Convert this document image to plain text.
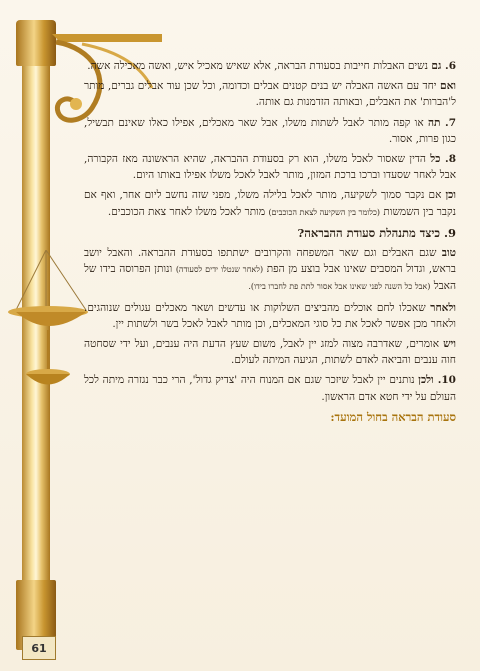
61

6. גם נשים האבלות חייבות בסעודת הבראה, אלא שאיש מאכיל איש, ואשה מאכילה אשה.

ואם יחד עם האשה האבלה יש בנים קטנים אבלים וכדומה, וכל שכן עוד אבלים גברים, מותר ל'הברות' את האבלים, ובאותה הזדמנות גם אותה.

7. תה או קפה מותר לאבל לשתות משלו, אבל שאר מאכלים, אפילו כאלו שאינם תבשיל, כגון פרות, אסור.

8. כל הדין שאסור לאכל משלו, הוא רק בסעודת ההבראה, שהיא הראשונה מאז הקבורה, אבל לאחר שסעדו וברכו ברכת המזון, מותר לאבל לאכל משלו אפילו באותו היום.

וכן אם נקבר סמוך לשקיעה, מותר לאכל בלילה משלו, מפני שזה נחשב ליום אחר, ואף אם נקבר בין השמשות (כלומר בין השקיעה לצאת הכוכבים) מותר לאכל משלו לאחר צאת הכוכבים.

9. כיצד מתנהלת סעודת ההבראה?

טוב שגם האבלים וגם שאר המשפחה והקרובים ישתתפו בסעודת ההבראה. והאבל יושב בראש, וגדול המסבים שאינו אבל בוצע מן הפת (לאחר שנטלו ידים לסעודה) ונותן הפרוסה בידו של האבל (אבל כל השנה לפני שאינו אבל אסור לתת פת לחברו בידו).

ולאחר שאכלו לחם אוכלים מהביצים השלוקות או עדשים ושאר מאכלים עגולים שנוהגים. ולאחר מכן אפשר לאכל את כל סוגי המאכלים, וכן מותר לאבל לאכל בשר ולשתות יין.

ויש אומרים, שאדרבה מצוה למזג יין לאבל, משום שעץ הדעת היה ענבים, ועל ידי שסחטה חוה ענבים והביאה לאדם לשתות, הגיעה המיתה לעולם.

10. ולכן נותנים יין לאבל שיזכר שגם אם המנוח היה 'צדיק גדול', הרי כבר נגזרה מיתה לכל העולם על ידי חטא אדם הראשון.

סעודת הבראה בחול המועד:
